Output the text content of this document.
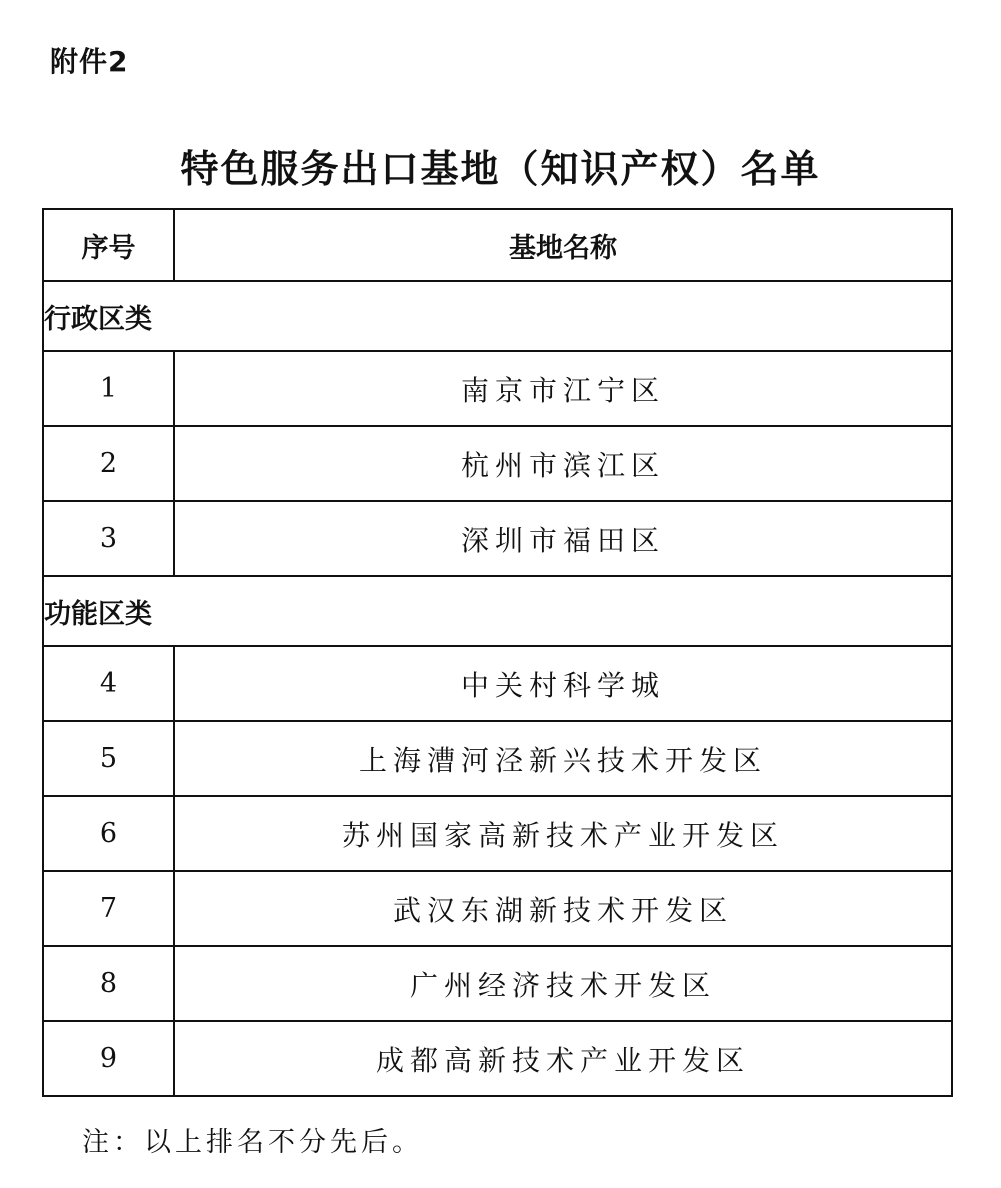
附件2
特色服务出口基地（知识产权）名单
序号	基地名称
行政区类	
1	南京市江宁区
2	杭州市滨江区
3	深圳市福田区
功能区类	
4	中关村科学城
5	上海漕河泾新兴技术开发区
6	苏州国家高新技术产业开发区
7	武汉东湖新技术开发区
8	广州经济技术开发区
9	成都高新技术产业开发区
注：以上排名不分先后。
